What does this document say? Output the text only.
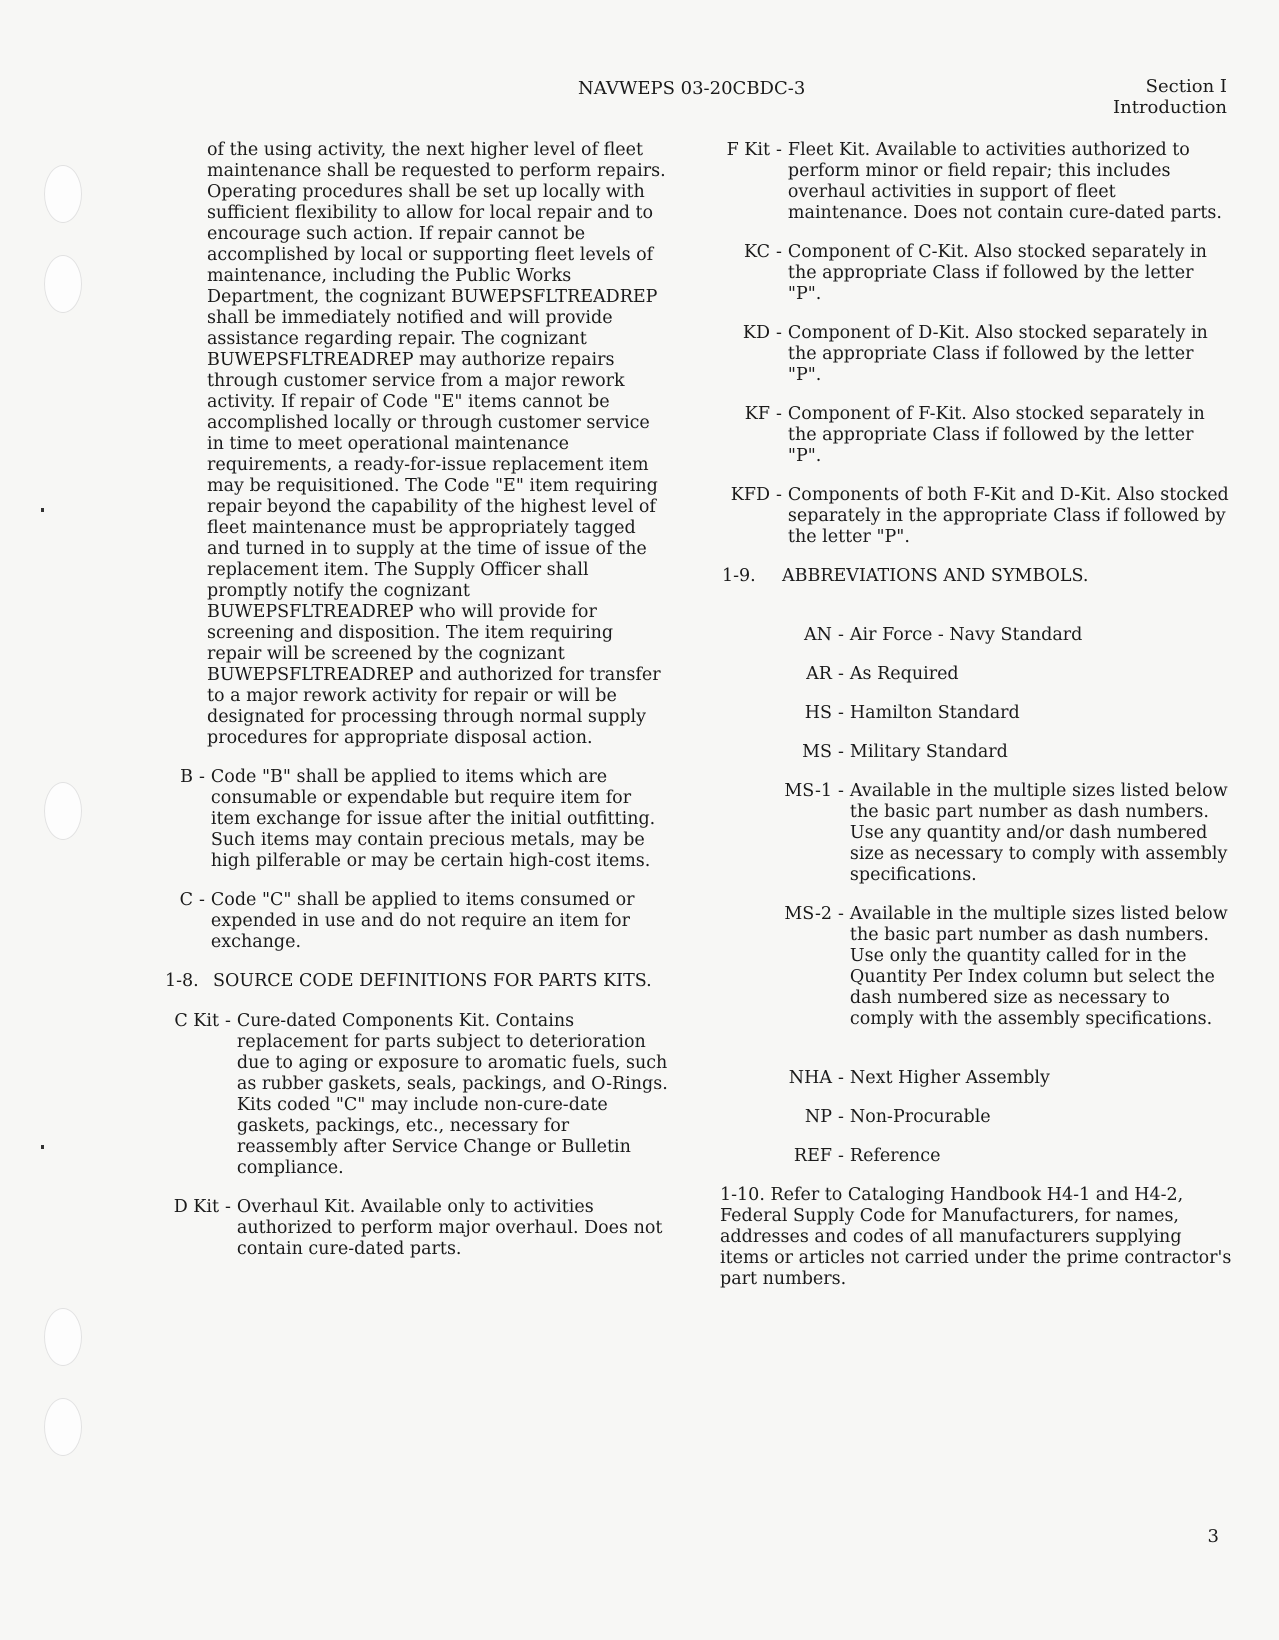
NAVWEPS 03-20CBDC-3	Section I
Introduction

of the using activity, the next higher level of fleet maintenance shall be requested to perform repairs. Operating procedures shall be set up locally with sufficient flexibility to allow for local repair and to encourage such action. If repair cannot be accomplished by local or supporting fleet levels of maintenance, including the Public Works Department, the cognizant BUWEPSFLTREADREP shall be immediately notified and will provide assistance regarding repair. The cognizant BUWEPSFLTREADREP may authorize repairs through customer service from a major rework activity. If repair of Code "E" items cannot be accomplished locally or through customer service in time to meet operational maintenance requirements, a ready-for-issue replacement item may be requisitioned. The Code "E" item requiring repair beyond the capability of the highest level of fleet maintenance must be appropriately tagged and turned in to supply at the time of issue of the replacement item. The Supply Officer shall promptly notify the cognizant BUWEPSFLTREADREP who will provide for screening and disposition. The item requiring repair will be screened by the cognizant BUWEPSFLTREADREP and authorized for transfer to a major rework activity for repair or will be designated for processing through normal supply procedures for appropriate disposal action.

B - Code "B" shall be applied to items which are consumable or expendable but require item for item exchange for issue after the initial outfitting. Such items may contain precious metals, may be high pilferable or may be certain high-cost items.
C - Code "C" shall be applied to items consumed or expended in use and do not require an item for exchange.
1-8. SOURCE CODE DEFINITIONS FOR PARTS KITS.
C Kit - Cure-dated Components Kit. Contains replacement for parts subject to deterioration due to aging or exposure to aromatic fuels, such as rubber gaskets, seals, packings, and O-Rings. Kits coded "C" may include non-cure-date gaskets, packings, etc., necessary for reassembly after Service Change or Bulletin compliance.
D Kit - Overhaul Kit. Available only to activities authorized to perform major overhaul. Does not contain cure-dated parts.
F Kit - Fleet Kit. Available to activities authorized to perform minor or field repair; this includes overhaul activities in support of fleet maintenance. Does not contain cure-dated parts.
KC - Component of C-Kit. Also stocked separately in the appropriate Class if followed by the letter "P".
KD - Component of D-Kit. Also stocked separately in the appropriate Class if followed by the letter "P".
KF - Component of F-Kit. Also stocked separately in the appropriate Class if followed by the letter "P".
KFD - Components of both F-Kit and D-Kit. Also stocked separately in the appropriate Class if followed by the letter "P".
1-9.	ABBREVIATIONS AND SYMBOLS.
AN - Air Force - Navy Standard
AR - As Required
HS - Hamilton Standard
MS - Military Standard
MS-1 - Available in the multiple sizes listed below the basic part number as dash numbers. Use any quantity and/or dash numbered size as necessary to comply with assembly specifications.
MS-2 - Available in the multiple sizes listed below the basic part number as dash numbers. Use only the quantity called for in the Quantity Per Index column but select the dash numbered size as necessary to comply with the assembly specifications.
NHA - Next Higher Assembly
NP - Non-Procurable
REF - Reference

1-10. Refer to Cataloging Handbook H4-1 and H4-2, Federal Supply Code for Manufacturers, for names, addresses and codes of all manufacturers supplying items or articles not carried under the prime contractor's part numbers.

3
